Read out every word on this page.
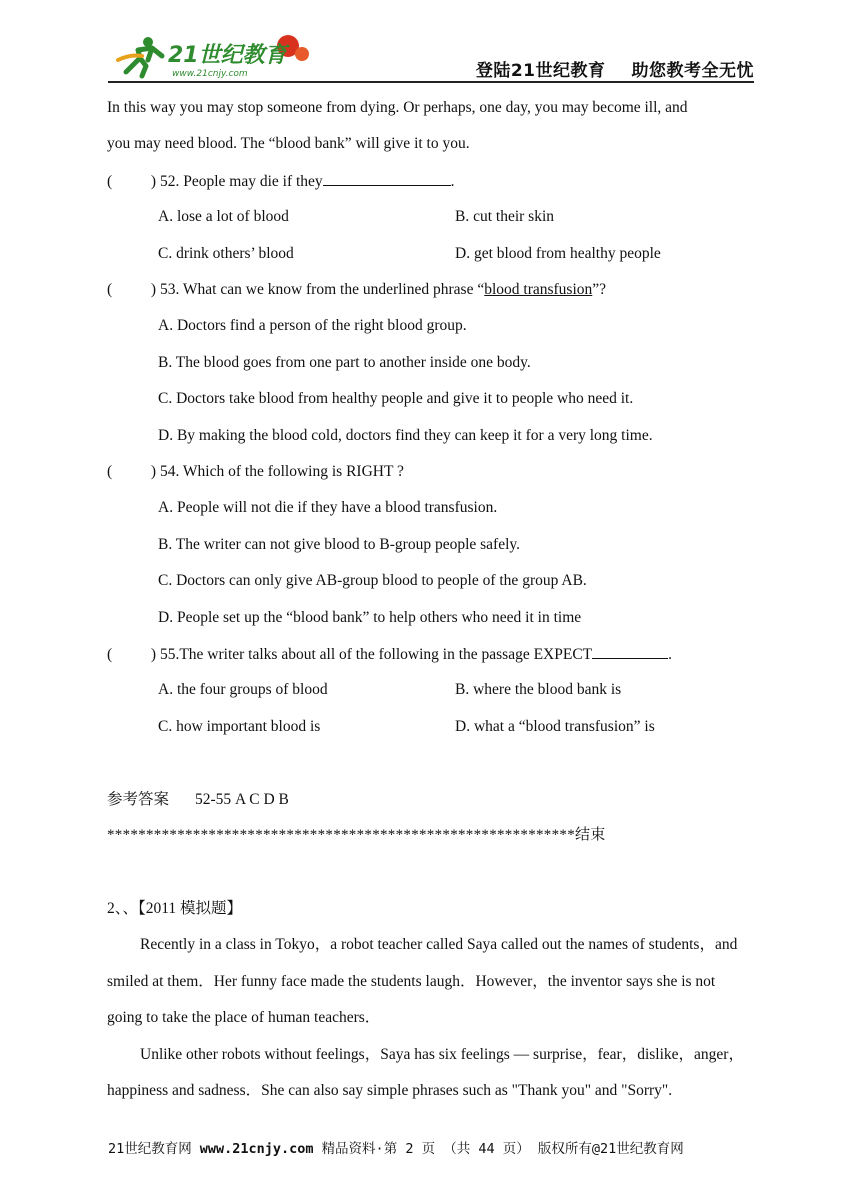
21世纪教育
www.21cnjy.com	登陆21世纪教育 助您教考全无忧
In this way you may stop someone from dying. Or perhaps, one day, you may become ill, and
you may need blood. The “blood bank” will give it to you.
(          ) 52. People may die if they	.
A. lose a lot of blood	B. cut their skin
C. drink others’ blood	D. get blood from healthy people
(          ) 53. What can we know from the underlined phrase “blood transfusion”?
A. Doctors find a person of the right blood group.
B. The blood goes from one part to another inside one body.
C. Doctors take blood from healthy people and give it to people who need it.
D. By making the blood cold, doctors find they can keep it for a very long time.
(          ) 54. Which of the following is RIGHT ?
A. People will not die if they have a blood transfusion.
B. The writer can not give blood to B-group people safely.
C. Doctors can only give AB-group blood to people of the group AB.
D. People set up the “blood bank” to help others who need it in time
(          ) 55.The writer talks about all of the following in the passage EXPECT	.
A. the four groups of blood	B. where the blood bank is
C. how important blood is	D. what a “blood transfusion” is
参考答案 52-55 A C D B
************************************************************结束
2、、【2011 模拟题】
Recently in a class in Tokyo，a robot teacher called Saya called out the names of students，and
smiled at them．Her funny face made the students laugh．However，the inventor says she is not
going to take the place of human teachers．
Unlike other robots without feelings，Saya has six feelings — surprise，fear，dislike，anger，
happiness and sadness．She can also say simple phrases such as "Thank you" and "Sorry".
21世纪教育网 www.21cnjy.com 精品资料·第 2 页 （共 44 页） 版权所有@21世纪教育网
